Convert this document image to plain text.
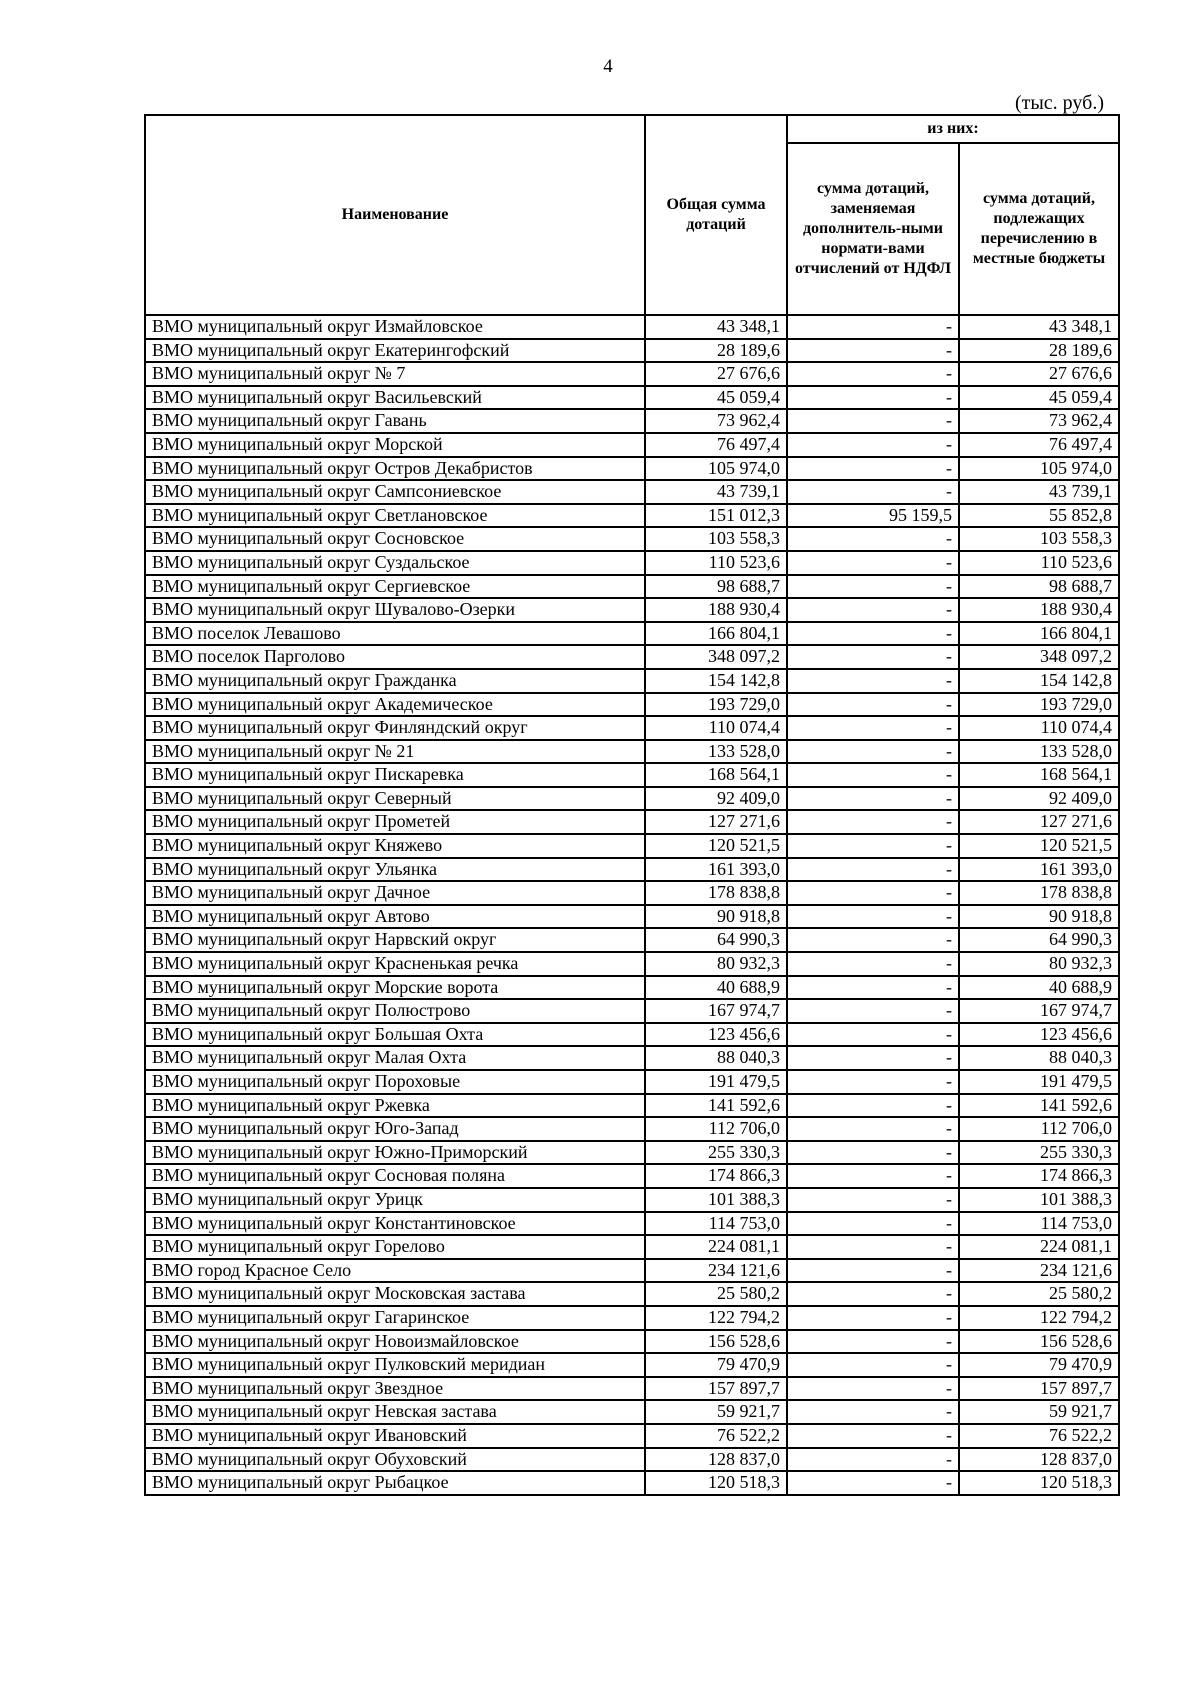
4
(тыс. руб.)
Наименование	Общая сумма дотаций	из них:	
		сумма дотаций, заменяемая дополнитель-ными нормати-вами отчислений от НДФЛ	сумма дотаций, подлежащих перечислению в местные бюджеты
ВМО муниципальный округ Измайловское	43 348,1	-	43 348,1
ВМО муниципальный округ Екатерингофский	28 189,6	-	28 189,6
ВМО муниципальный округ № 7	27 676,6	-	27 676,6
ВМО муниципальный округ Васильевский	45 059,4	-	45 059,4
ВМО муниципальный округ Гавань	73 962,4	-	73 962,4
ВМО муниципальный округ Морской	76 497,4	-	76 497,4
ВМО муниципальный округ Остров Декабристов	105 974,0	-	105 974,0
ВМО муниципальный округ Сампсониевское	43 739,1	-	43 739,1
ВМО муниципальный округ Светлановское	151 012,3	95 159,5	55 852,8
ВМО муниципальный округ Сосновское	103 558,3	-	103 558,3
ВМО муниципальный округ Суздальское	110 523,6	-	110 523,6
ВМО муниципальный округ Сергиевское	98 688,7	-	98 688,7
ВМО муниципальный округ Шувалово-Озерки	188 930,4	-	188 930,4
ВМО поселок Левашово	166 804,1	-	166 804,1
ВМО поселок Парголово	348 097,2	-	348 097,2
ВМО муниципальный округ Гражданка	154 142,8	-	154 142,8
ВМО муниципальный округ Академическое	193 729,0	-	193 729,0
ВМО муниципальный округ Финляндский округ	110 074,4	-	110 074,4
ВМО муниципальный округ № 21	133 528,0	-	133 528,0
ВМО муниципальный округ Пискаревка	168 564,1	-	168 564,1
ВМО муниципальный округ Северный	92 409,0	-	92 409,0
ВМО муниципальный округ Прометей	127 271,6	-	127 271,6
ВМО муниципальный округ Княжево	120 521,5	-	120 521,5
ВМО муниципальный округ Ульянка	161 393,0	-	161 393,0
ВМО муниципальный округ Дачное	178 838,8	-	178 838,8
ВМО муниципальный округ Автово	90 918,8	-	90 918,8
ВМО муниципальный округ Нарвский округ	64 990,3	-	64 990,3
ВМО муниципальный округ Красненькая речка	80 932,3	-	80 932,3
ВМО муниципальный округ Морские ворота	40 688,9	-	40 688,9
ВМО муниципальный округ Полюстрово	167 974,7	-	167 974,7
ВМО муниципальный округ Большая Охта	123 456,6	-	123 456,6
ВМО муниципальный округ Малая Охта	88 040,3	-	88 040,3
ВМО муниципальный округ Пороховые	191 479,5	-	191 479,5
ВМО муниципальный округ Ржевка	141 592,6	-	141 592,6
ВМО муниципальный округ Юго-Запад	112 706,0	-	112 706,0
ВМО муниципальный округ Южно-Приморский	255 330,3	-	255 330,3
ВМО муниципальный округ Сосновая поляна	174 866,3	-	174 866,3
ВМО муниципальный округ Урицк	101 388,3	-	101 388,3
ВМО муниципальный округ Константиновское	114 753,0	-	114 753,0
ВМО муниципальный округ Горелово	224 081,1	-	224 081,1
ВМО город Красное Село	234 121,6	-	234 121,6
ВМО муниципальный округ Московская застава	25 580,2	-	25 580,2
ВМО муниципальный округ Гагаринское	122 794,2	-	122 794,2
ВМО муниципальный округ Новоизмайловское	156 528,6	-	156 528,6
ВМО муниципальный округ Пулковский меридиан	79 470,9	-	79 470,9
ВМО муниципальный округ Звездное	157 897,7	-	157 897,7
ВМО муниципальный округ Невская застава	59 921,7	-	59 921,7
ВМО муниципальный округ Ивановский	76 522,2	-	76 522,2
ВМО муниципальный округ Обуховский	128 837,0	-	128 837,0
ВМО муниципальный округ Рыбацкое	120 518,3	-	120 518,3
